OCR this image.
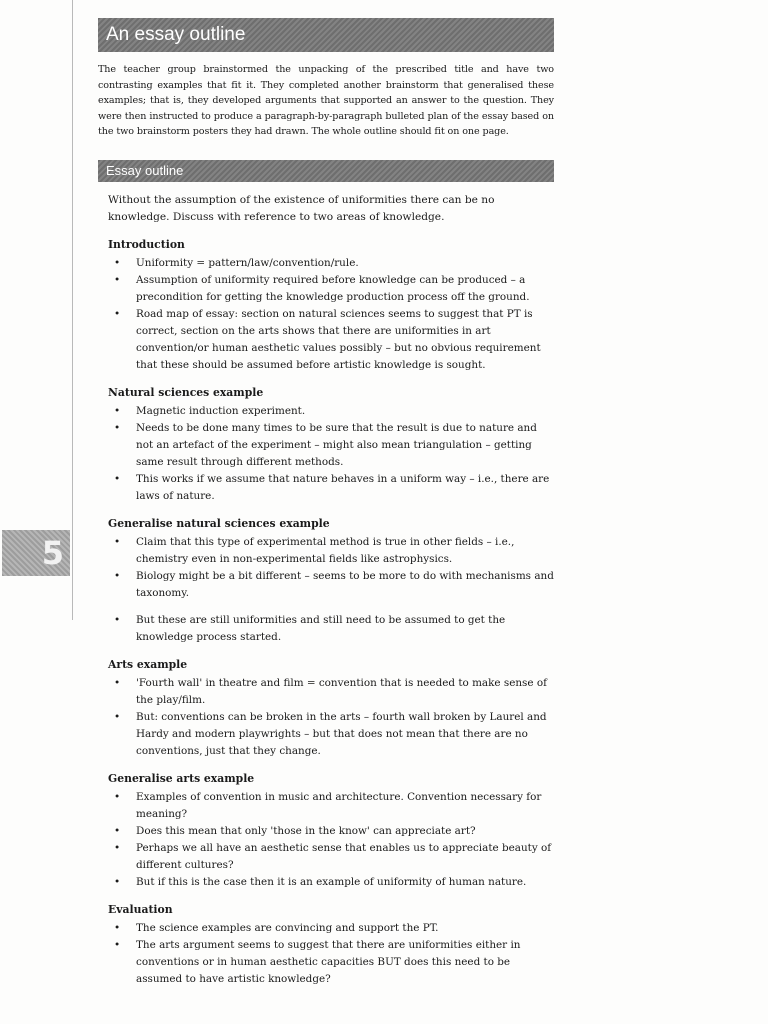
5
An essay outline

The teacher group brainstormed the unpacking of the prescribed title and have two contrasting examples that fit it. They completed another brainstorm that generalised these examples; that is, they developed arguments that supported an answer to the question. They were then instructed to produce a paragraph-by-paragraph bulleted plan of the essay based on the two brainstorm posters they had drawn. The whole outline should fit on one page.

Essay outline

Without the assumption of the existence of uniformities there can be no knowledge. Discuss with reference to two areas of knowledge.

Introduction
• Uniformity = pattern/law/convention/rule.
• Assumption of uniformity required before knowledge can be produced – a precondition for getting the knowledge production process off the ground.
• Road map of essay: section on natural sciences seems to suggest that PT is correct, section on the arts shows that there are uniformities in art convention/or human aesthetic values possibly – but no obvious requirement that these should be assumed before artistic knowledge is sought.
Natural sciences example
• Magnetic induction experiment.
• Needs to be done many times to be sure that the result is due to nature and not an artefact of the experiment – might also mean triangulation – getting same result through different methods.
• This works if we assume that nature behaves in a uniform way – i.e., there are laws of nature.
Generalise natural sciences example
• Claim that this type of experimental method is true in other fields – i.e., chemistry even in non-experimental fields like astrophysics.
• Biology might be a bit different – seems to be more to do with mechanisms and taxonomy.
• But these are still uniformities and still need to be assumed to get the knowledge process started.
Arts example
• 'Fourth wall' in theatre and film = convention that is needed to make sense of the play/film.
• But: conventions can be broken in the arts – fourth wall broken by Laurel and Hardy and modern playwrights – but that does not mean that there are no conventions, just that they change.
Generalise arts example
• Examples of convention in music and architecture. Convention necessary for meaning?
• Does this mean that only 'those in the know' can appreciate art?
• Perhaps we all have an aesthetic sense that enables us to appreciate beauty of different cultures?
• But if this is the case then it is an example of uniformity of human nature.
Evaluation
• The science examples are convincing and support the PT.
• The arts argument seems to suggest that there are uniformities either in conventions or in human aesthetic capacities BUT does this need to be assumed to have artistic knowledge?
